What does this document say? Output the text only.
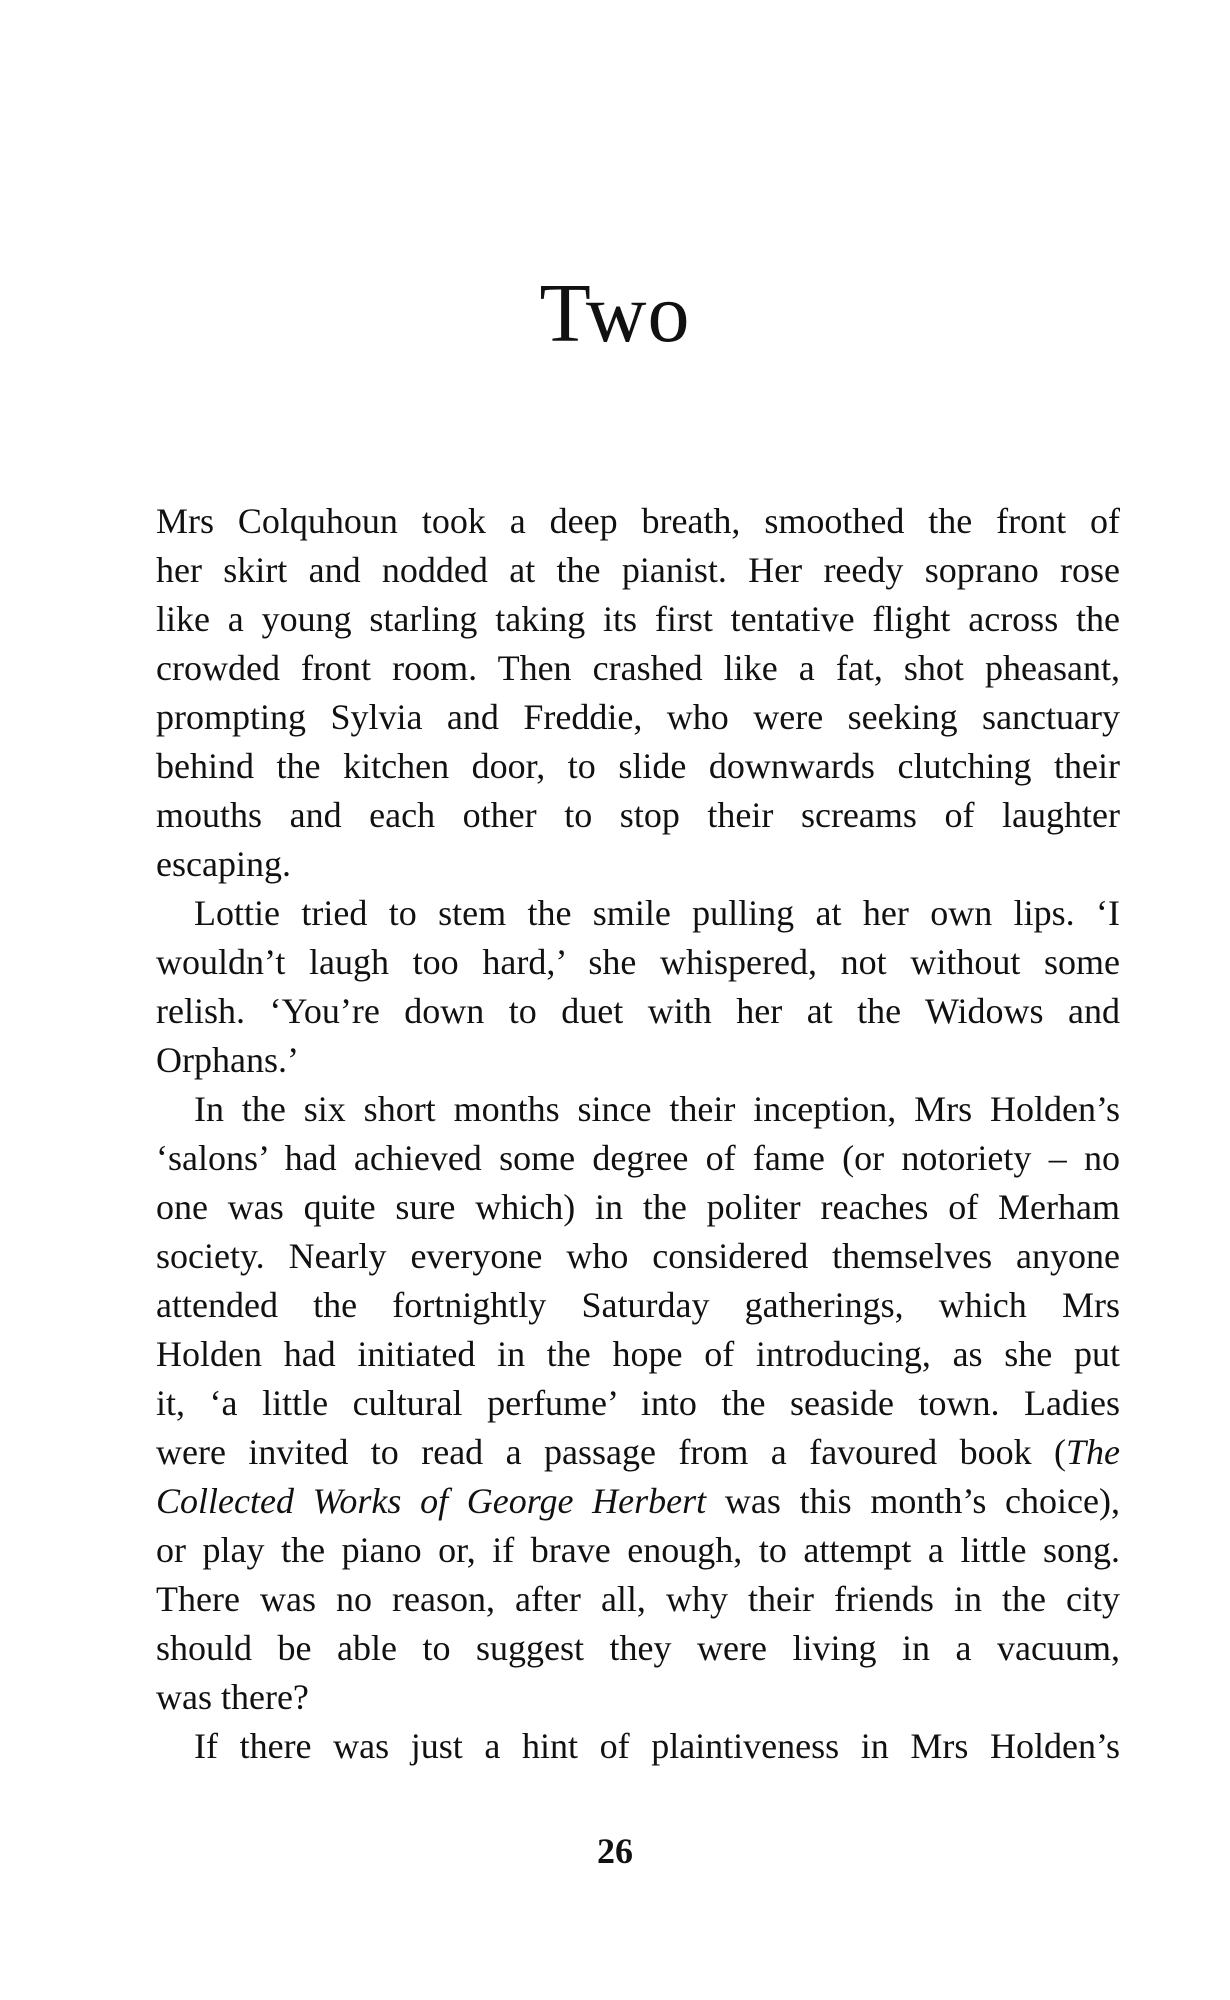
Two
Mrs Colquhoun took a deep breath, smoothed the front of
her skirt and nodded at the pianist. Her reedy soprano rose
like a young starling taking its first tentative flight across the
crowded front room. Then crashed like a fat, shot pheasant,
prompting Sylvia and Freddie, who were seeking sanctuary
behind the kitchen door, to slide downwards clutching their
mouths and each other to stop their screams of laughter
escaping.
Lottie tried to stem the smile pulling at her own lips. ‘I
wouldn’t laugh too hard,’ she whispered, not without some
relish. ‘You’re down to duet with her at the Widows and
Orphans.’
In the six short months since their inception, Mrs Holden’s
‘salons’ had achieved some degree of fame (or notoriety – no
one was quite sure which) in the politer reaches of Merham
society. Nearly everyone who considered themselves anyone
attended the fortnightly Saturday gatherings, which Mrs
Holden had initiated in the hope of introducing, as she put
it, ‘a little cultural perfume’ into the seaside town. Ladies
were invited to read a passage from a favoured book (The
Collected Works of George Herbert was this month’s choice),
or play the piano or, if brave enough, to attempt a little song.
There was no reason, after all, why their friends in the city
should be able to suggest they were living in a vacuum,
was there?
If there was just a hint of plaintiveness in Mrs Holden’s
26
